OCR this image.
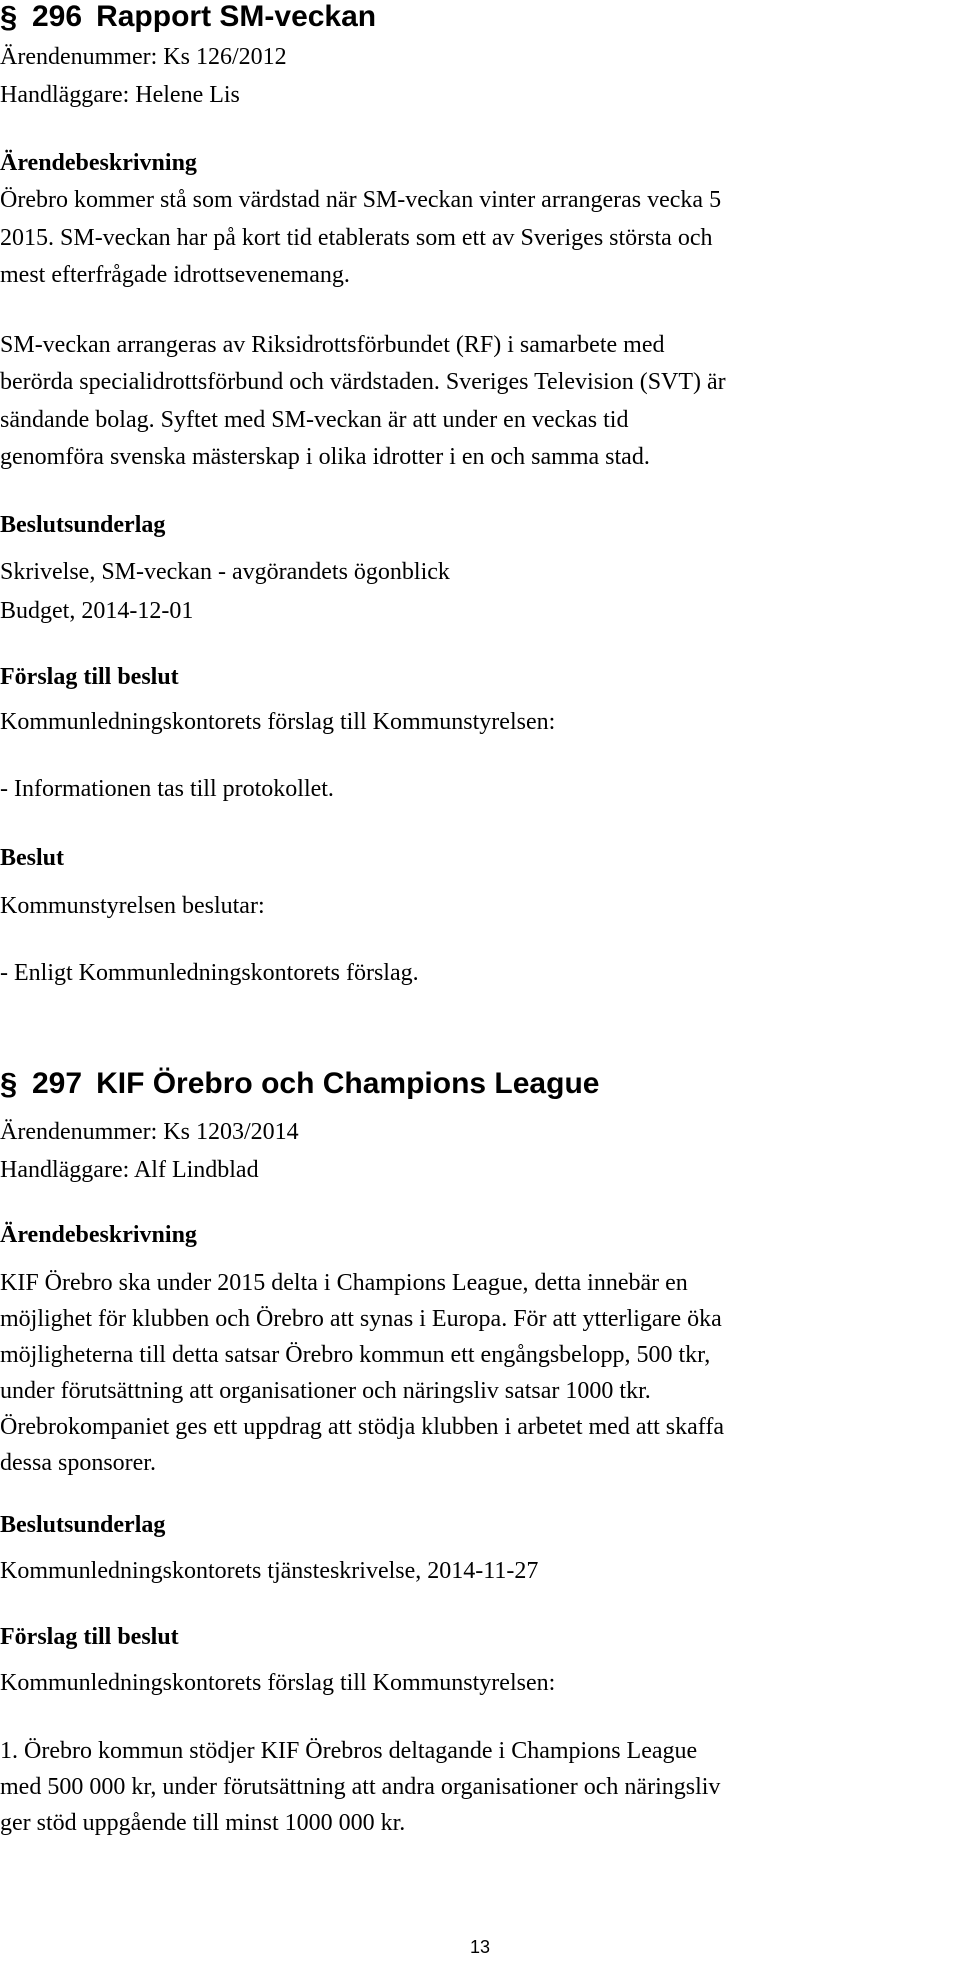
§ 296 Rapport SM-veckan
Ärendenummer: Ks 126/2012
Handläggare: Helene Lis
Ärendebeskrivning
Örebro kommer stå som värdstad när SM-veckan vinter arrangeras vecka 5
2015. SM-veckan har på kort tid etablerats som ett av Sveriges största och
mest efterfrågade idrottsevenemang.
SM-veckan arrangeras av Riksidrottsförbundet (RF) i samarbete med
berörda specialidrottsförbund och värdstaden. Sveriges Television (SVT) är
sändande bolag. Syftet med SM-veckan är att under en veckas tid
genomföra svenska mästerskap i olika idrotter i en och samma stad.
Beslutsunderlag
Skrivelse, SM-veckan - avgörandets ögonblick
Budget, 2014-12-01
Förslag till beslut
Kommunledningskontorets förslag till Kommunstyrelsen:
- Informationen tas till protokollet.
Beslut
Kommunstyrelsen beslutar:
- Enligt Kommunledningskontorets förslag.
§ 297 KIF Örebro och Champions League
Ärendenummer: Ks 1203/2014
Handläggare: Alf Lindblad
Ärendebeskrivning
KIF Örebro ska under 2015 delta i Champions League, detta innebär en
möjlighet för klubben och Örebro att synas i Europa. För att ytterligare öka
möjligheterna till detta satsar Örebro kommun ett engångsbelopp, 500 tkr,
under förutsättning att organisationer och näringsliv satsar 1000 tkr.
Örebrokompaniet ges ett uppdrag att stödja klubben i arbetet med att skaffa
dessa sponsorer.
Beslutsunderlag
Kommunledningskontorets tjänsteskrivelse, 2014-11-27
Förslag till beslut
Kommunledningskontorets förslag till Kommunstyrelsen:
1. Örebro kommun stödjer KIF Örebros deltagande i Champions League
med 500 000 kr, under förutsättning att andra organisationer och näringsliv
ger stöd uppgående till minst 1000 000 kr.
13
